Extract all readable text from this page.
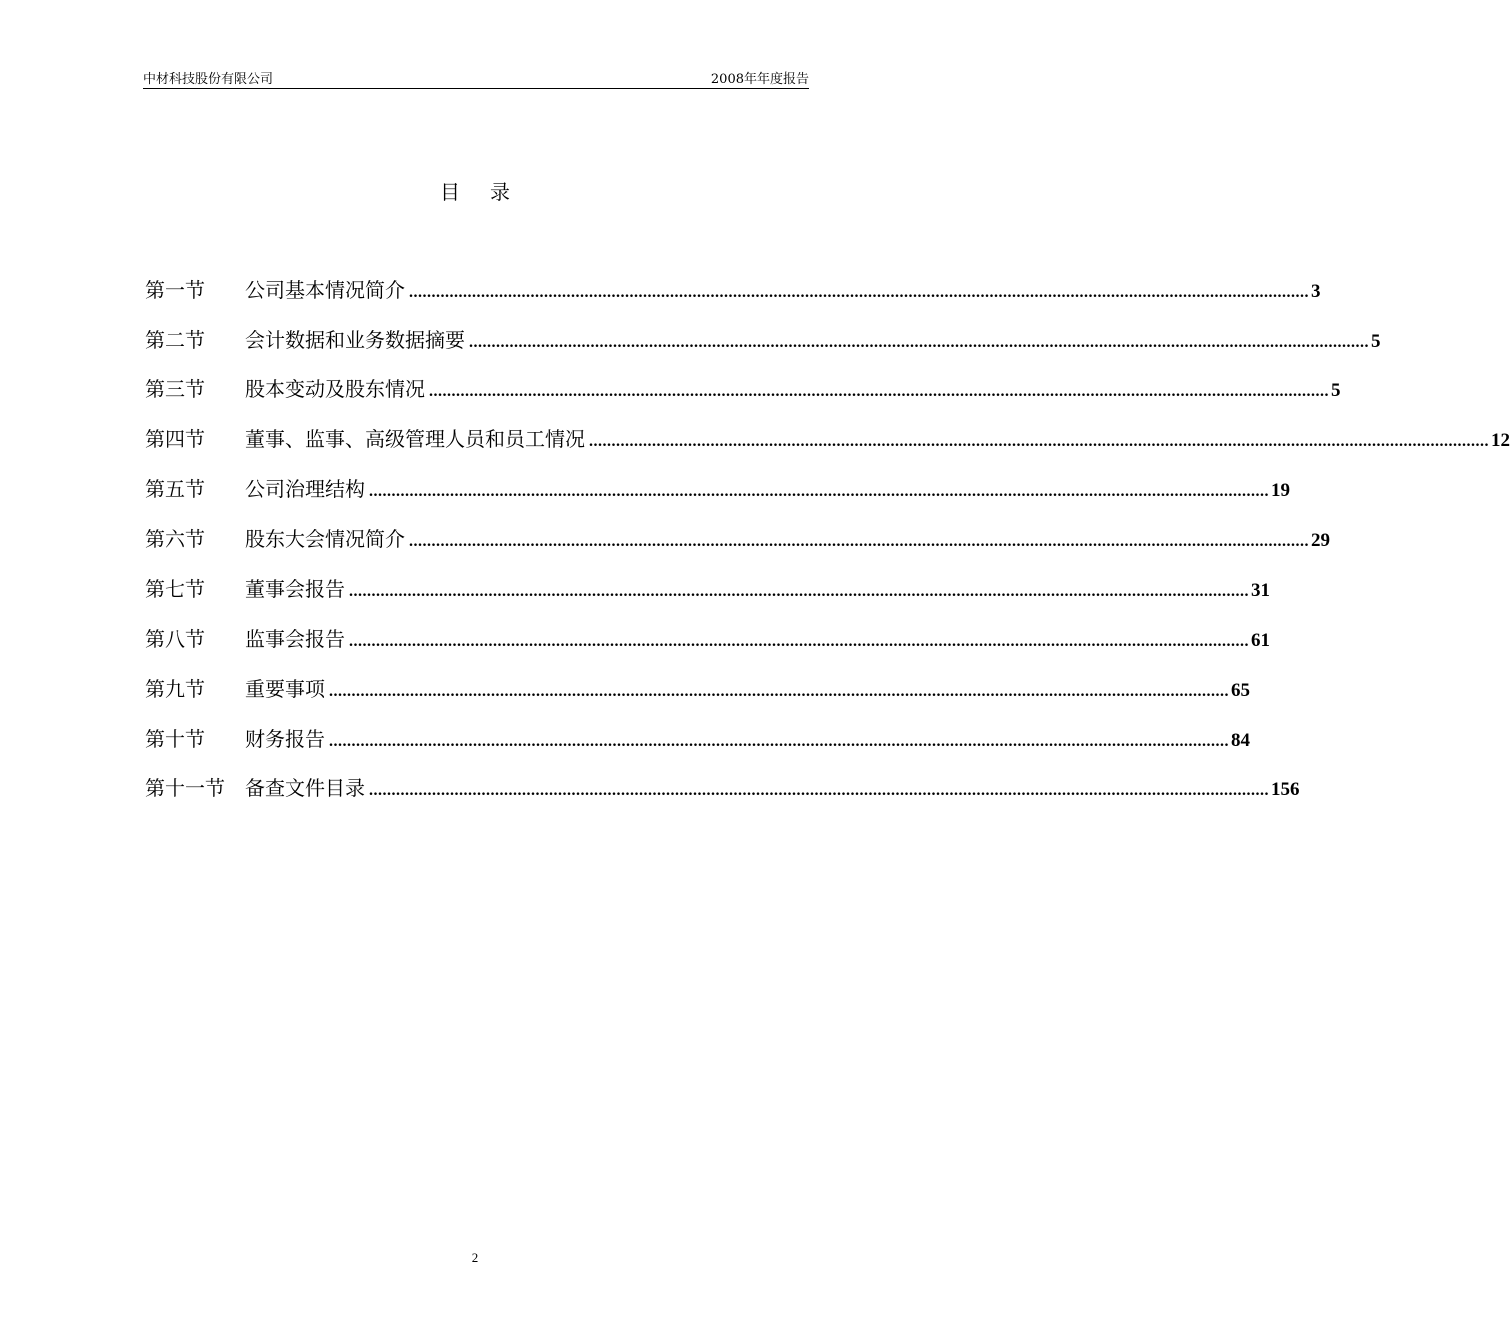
中材科技股份有限公司	2008年年度报告
目录
第一节	公司基本情况简介 ........................................................................................................................................................................................................ 3
第二节	会计数据和业务数据摘要 ........................................................................................................................................................................................................ 5
第三节	股本变动及股东情况 ........................................................................................................................................................................................................ 5
第四节	董事、监事、高级管理人员和员工情况 ........................................................................................................................................................................................................ 12
第五节	公司治理结构 ........................................................................................................................................................................................................ 19
第六节	股东大会情况简介 ........................................................................................................................................................................................................ 29
第七节	董事会报告 ........................................................................................................................................................................................................ 31
第八节	监事会报告 ........................................................................................................................................................................................................ 61
第九节	重要事项 ........................................................................................................................................................................................................ 65
第十节	财务报告 ........................................................................................................................................................................................................ 84
第十一节	备查文件目录 ........................................................................................................................................................................................................ 156
2
